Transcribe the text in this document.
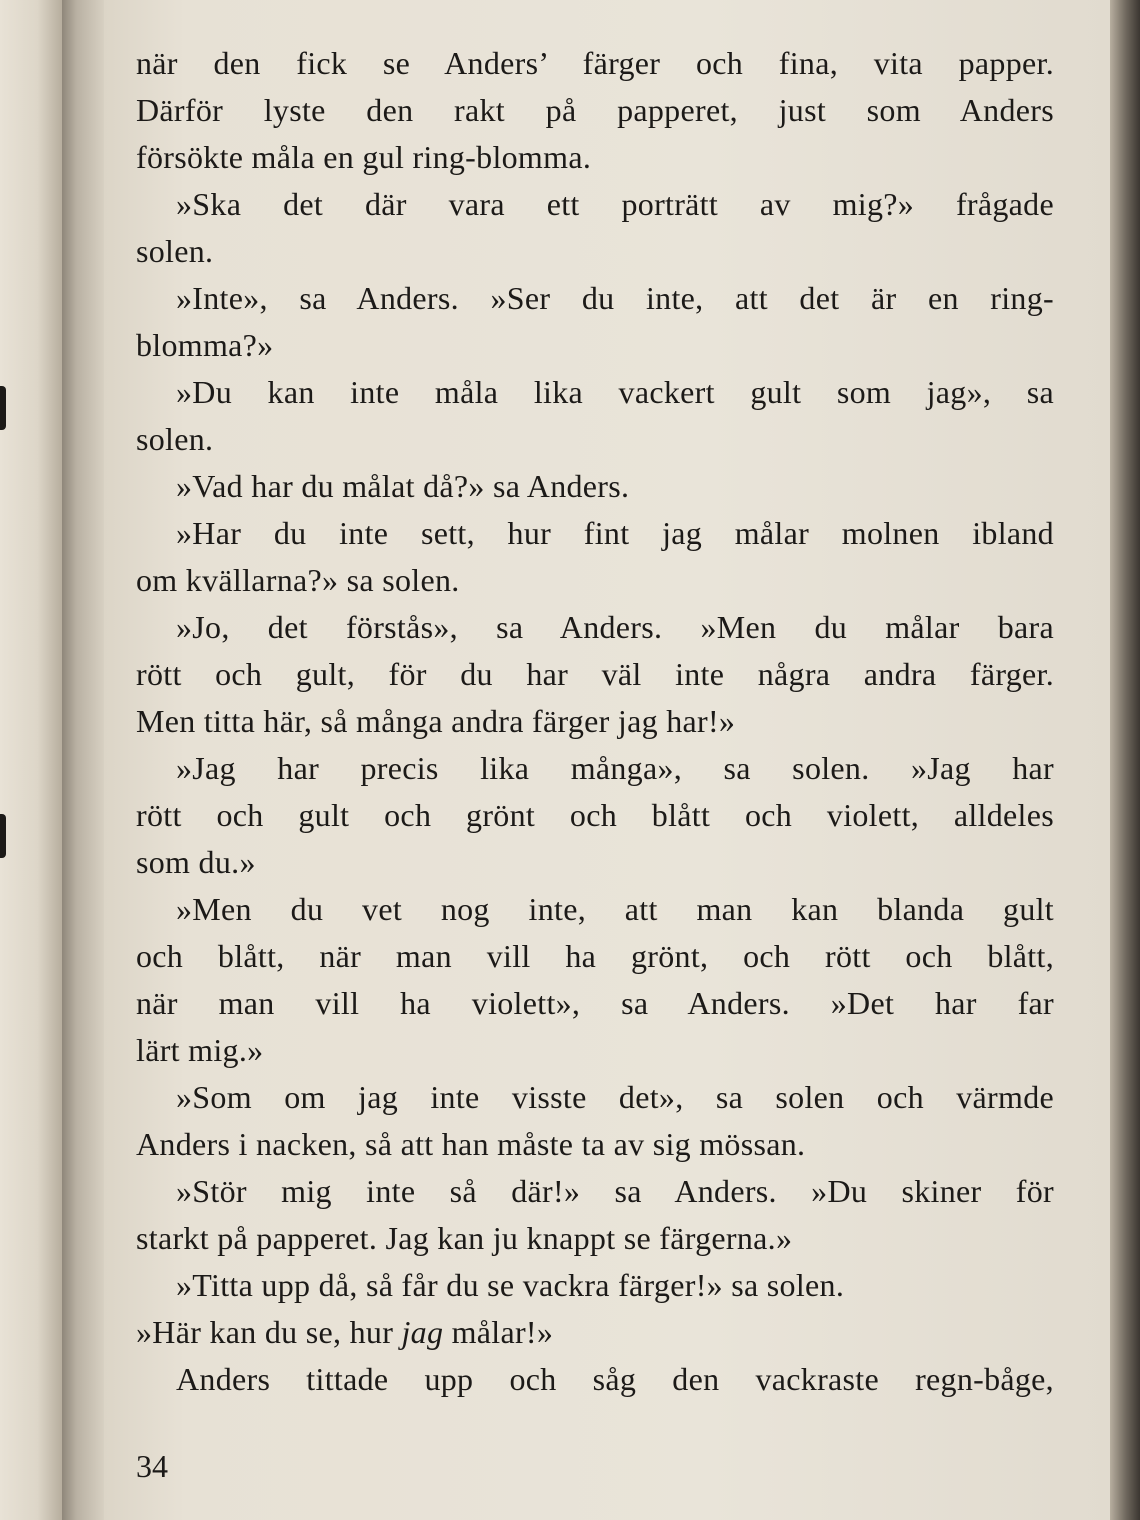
när den fick se Anders’ färger och fina, vita papper.
Därför lyste den rakt på papperet, just som Anders
försökte måla en gul ring-blomma.
»Ska det där vara ett porträtt av mig?» frågade
solen.
»Inte», sa Anders. »Ser du inte, att det är en ring-
blomma?»
»Du kan inte måla lika vackert gult som jag», sa
solen.
»Vad har du målat då?» sa Anders.
»Har du inte sett, hur fint jag målar molnen ibland
om kvällarna?» sa solen.
»Jo, det förstås», sa Anders. »Men du målar bara
rött och gult, för du har väl inte några andra färger.
Men titta här, så många andra färger jag har!»
»Jag har precis lika många», sa solen. »Jag har
rött och gult och grönt och blått och violett, alldeles
som du.»
»Men du vet nog inte, att man kan blanda gult
och blått, när man vill ha grönt, och rött och blått,
när man vill ha violett», sa Anders. »Det har far
lärt mig.»
»Som om jag inte visste det», sa solen och värmde
Anders i nacken, så att han måste ta av sig mössan.
»Stör mig inte så där!» sa Anders. »Du skiner för
starkt på papperet. Jag kan ju knappt se färgerna.»
»Titta upp då, så får du se vackra färger!» sa solen.
»Här kan du se, hur jag målar!»
Anders tittade upp och såg den vackraste regn-båge,
34
